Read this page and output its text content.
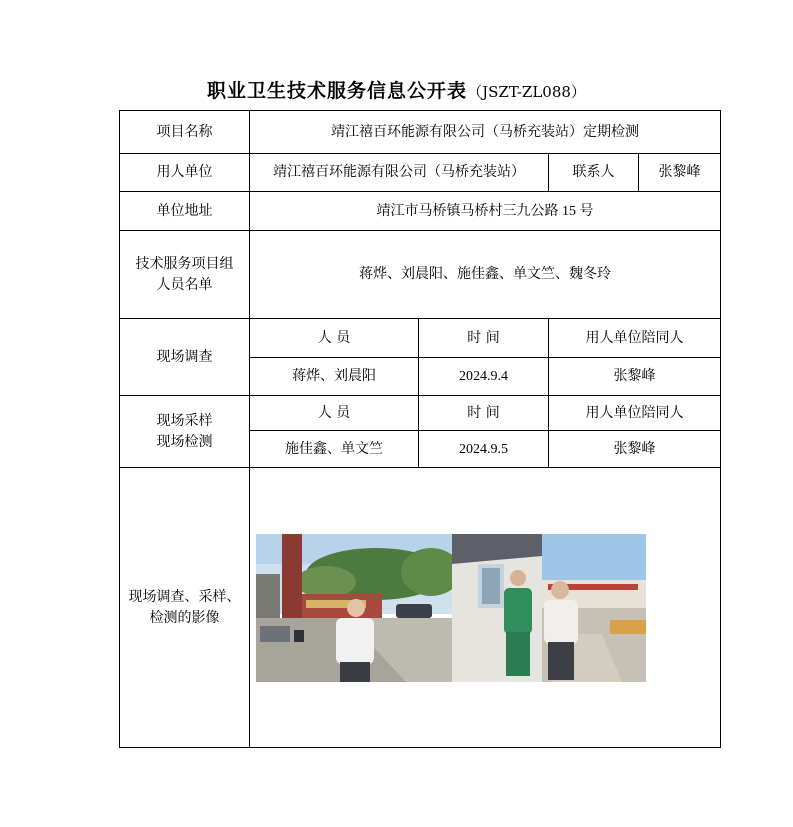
职业卫生技术服务信息公开表（JSZT-ZL088）
项目名称	靖江禧百环能源有限公司（马桥充装站）定期检测			
用人单位	靖江禧百环能源有限公司（马桥充装站）		联系人	张黎峰
单位地址	靖江市马桥镇马桥村三九公路 15 号			
技术服务项目组人员名单	蒋烨、刘晨阳、施佳鑫、单文竺、魏冬玲			
现场调查	人 员	时 间	用人单位陪同人	
	蒋烨、刘晨阳	2024.9.4	张黎峰	

现场采样
现场检测	人 员	时 间	用人单位陪同人	
	施佳鑫、单文竺	2024.9.5	张黎峰	
现场调查、采样、检测的影像	
